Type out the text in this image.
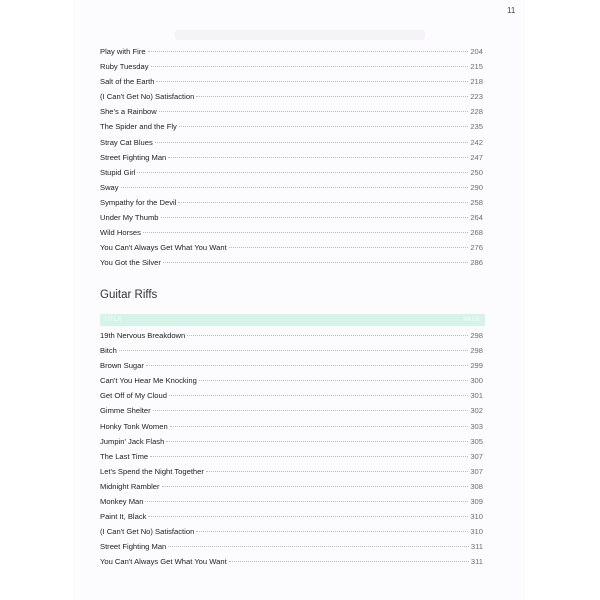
11
Play with Fire	204
Ruby Tuesday	215
Salt of the Earth	218
(I Can't Get No) Satisfaction	223
She's a Rainbow	228
The Spider and the Fly	235
Stray Cat Blues	242
Street Fighting Man	247
Stupid Girl	250
Sway	290
Sympathy for the Devil	258
Under My Thumb	264
Wild Horses	268
You Can't Always Get What You Want	276
You Got the Silver	286
Guitar Riffs
TITLE	PAGE
19th Nervous Breakdown	298
Bitch	298
Brown Sugar	299
Can't You Hear Me Knocking	300
Get Off of My Cloud	301
Gimme Shelter	302
Honky Tonk Women	303
Jumpin' Jack Flash	305
The Last Time	307
Let's Spend the Night Together	307
Midnight Rambler	308
Monkey Man	309
Paint It, Black	310
(I Can't Get No) Satisfaction	310
Street Fighting Man	311
You Can't Always Get What You Want	311
